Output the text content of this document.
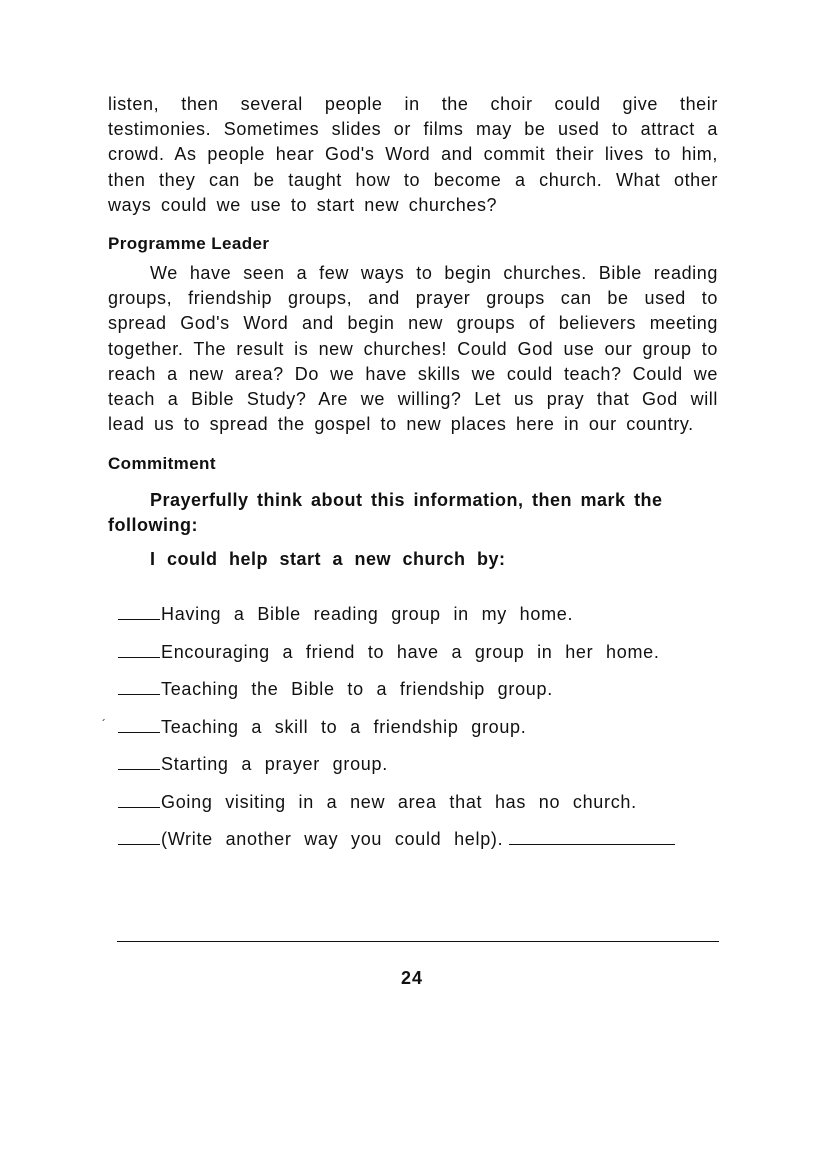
listen, then several people in the choir could give their testimonies. Sometimes slides or films may be used to attract a crowd. As people hear God's Word and commit their lives to him, then they can be taught how to become a church. What other ways could we use to start new churches?

Programme Leader

We have seen a few ways to begin churches. Bible reading groups, friendship groups, and prayer groups can be used to spread God's Word and begin new groups of believers meeting together. The result is new churches! Could God use our group to reach a new area? Do we have skills we could teach? Could we teach a Bible Study? Are we willing? Let us pray that God will lead us to spread the gospel to new places here in our country.

Commitment

Prayerfully think about this information, then mark the following:

I could help start a new church by:

Having a Bible reading group in my home.
Encouraging a friend to have a group in her home.
Teaching the Bible to a friendship group.
´	Teaching a skill to a friendship group.
Starting a prayer group.
Going visiting in a new area that has no church.
(Write another way you could help).
24
